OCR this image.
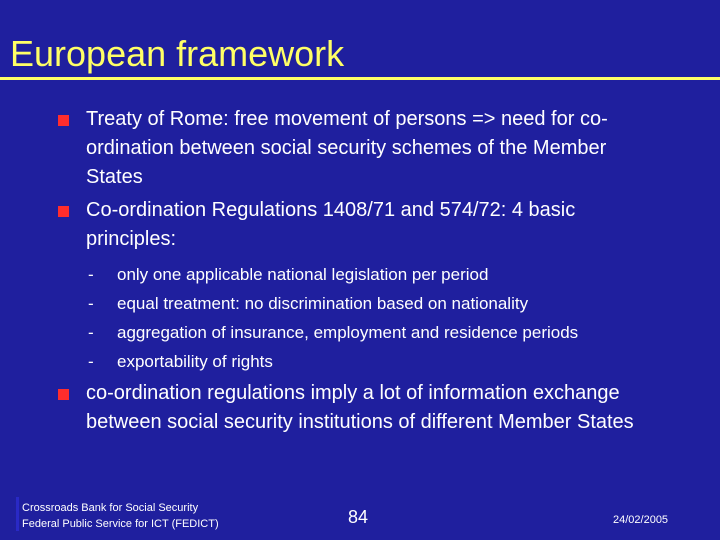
European framework
Treaty of Rome: free movement of persons => need for co-ordination between social security schemes of the Member States
Co-ordination Regulations 1408/71 and 574/72: 4 basic principles:
- only one applicable national legislation per period
- equal treatment: no discrimination based on nationality
- aggregation of insurance, employment and residence periods
- exportability of rights
co-ordination regulations imply a lot of information exchange between social security institutions of different Member States
Crossroads Bank for Social Security
Federal Public Service for ICT (FEDICT)	84	24/02/2005
